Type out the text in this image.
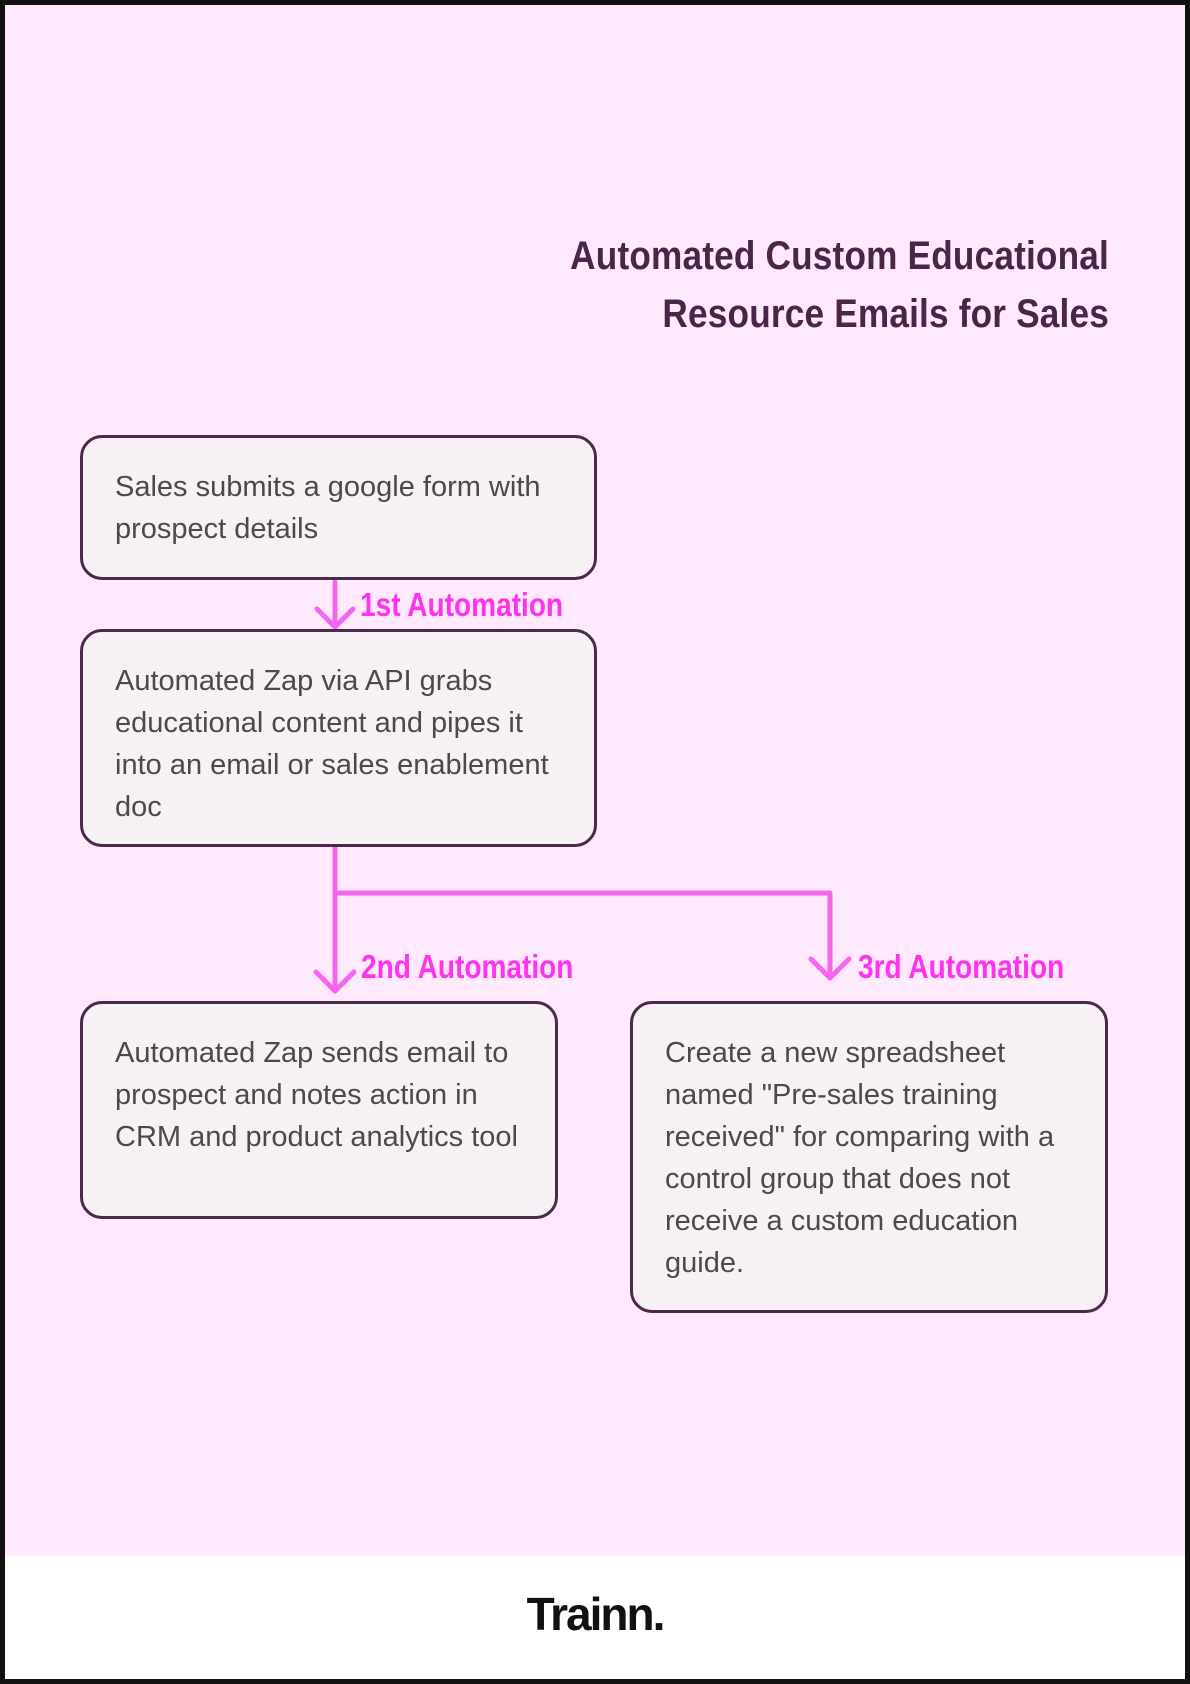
Automated Custom Educational
Resource Emails for Sales
Sales submits a google form with prospect details
1st Automation
Automated Zap via API grabs educational content and pipes it into an email or sales enablement doc
2nd Automation	3rd Automation
Automated Zap sends email to prospect and notes action in CRM and product analytics tool
Create a new spreadsheet named "Pre-sales training received" for comparing with a control group that does not receive a custom education guide.
Trainn.
